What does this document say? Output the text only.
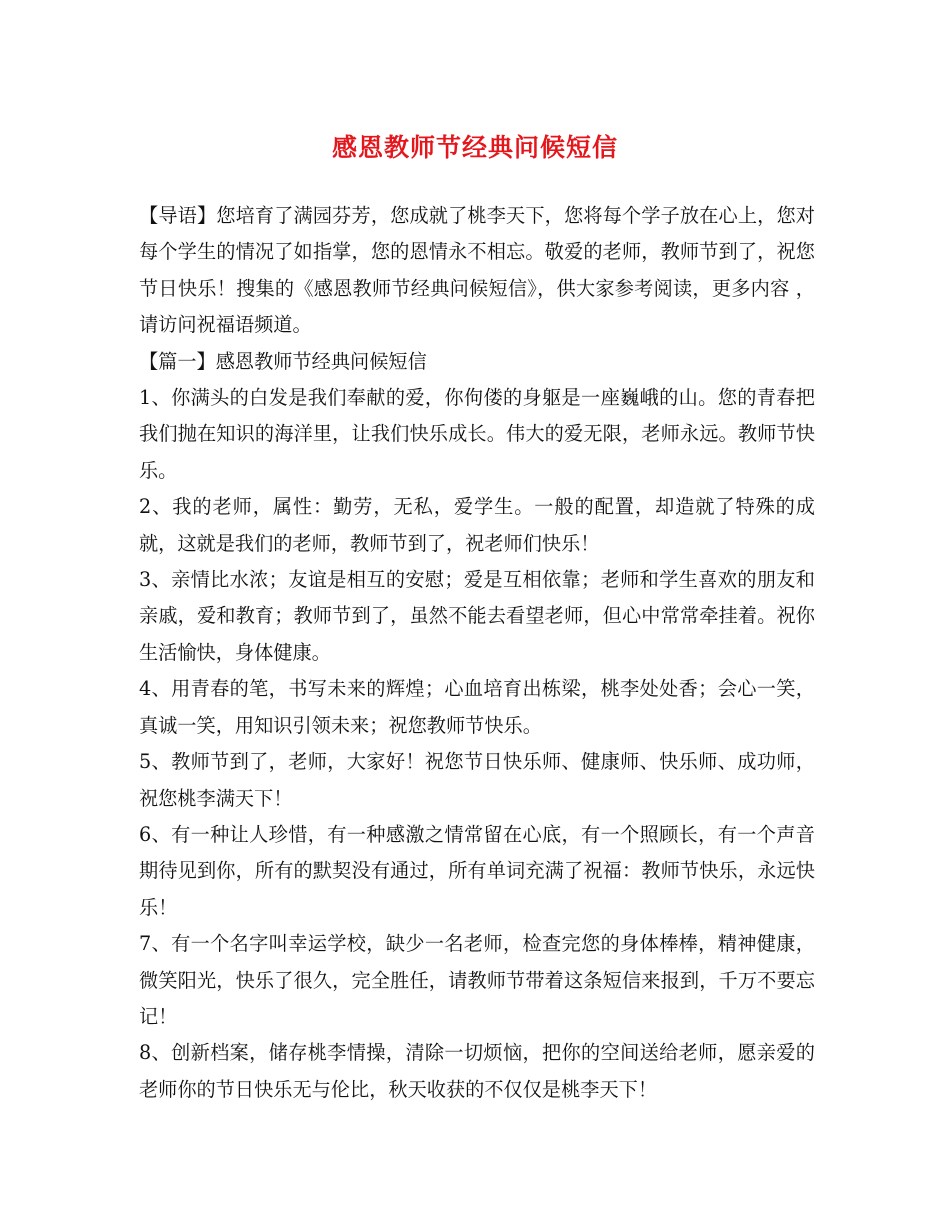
感恩教师节经典问候短信

【导语】您培育了满园芬芳，您成就了桃李天下，您将每个学子放在心上，您对每个学生的情况了如指掌，您的恩情永不相忘。敬爱的老师，教师节到了，祝您节日快乐！搜集的《感恩教师节经典问候短信》，供大家参考阅读，更多内容 ，请访问祝福语频道。

【篇一】感恩教师节经典问候短信

1、你满头的白发是我们奉献的爱，你佝偻的身躯是一座巍峨的山。您的青春把我们抛在知识的海洋里，让我们快乐成长。伟大的爱无限，老师永远。教师节快乐。

2、我的老师，属性：勤劳，无私，爱学生。一般的配置，却造就了特殊的成就，这就是我们的老师，教师节到了，祝老师们快乐！

3、亲情比水浓；友谊是相互的安慰；爱是互相依靠；老师和学生喜欢的朋友和亲戚，爱和教育；教师节到了，虽然不能去看望老师，但心中常常牵挂着。祝你生活愉快，身体健康。

4、用青春的笔，书写未来的辉煌；心血培育出栋梁，桃李处处香；会心一笑，真诚一笑，用知识引领未来；祝您教师节快乐。

5、教师节到了，老师，大家好！祝您节日快乐师、健康师、快乐师、成功师，祝您桃李满天下！

6、有一种让人珍惜，有一种感激之情常留在心底，有一个照顾长，有一个声音期待见到你，所有的默契没有通过，所有单词充满了祝福：教师节快乐，永远快乐！

7、有一个名字叫幸运学校，缺少一名老师，检查完您的身体棒棒，精神健康，微笑阳光，快乐了很久，完全胜任，请教师节带着这条短信来报到，千万不要忘记！

8、创新档案，储存桃李情操，清除一切烦恼，把你的空间送给老师，愿亲爱的老师你的节日快乐无与伦比，秋天收获的不仅仅是桃李天下！
